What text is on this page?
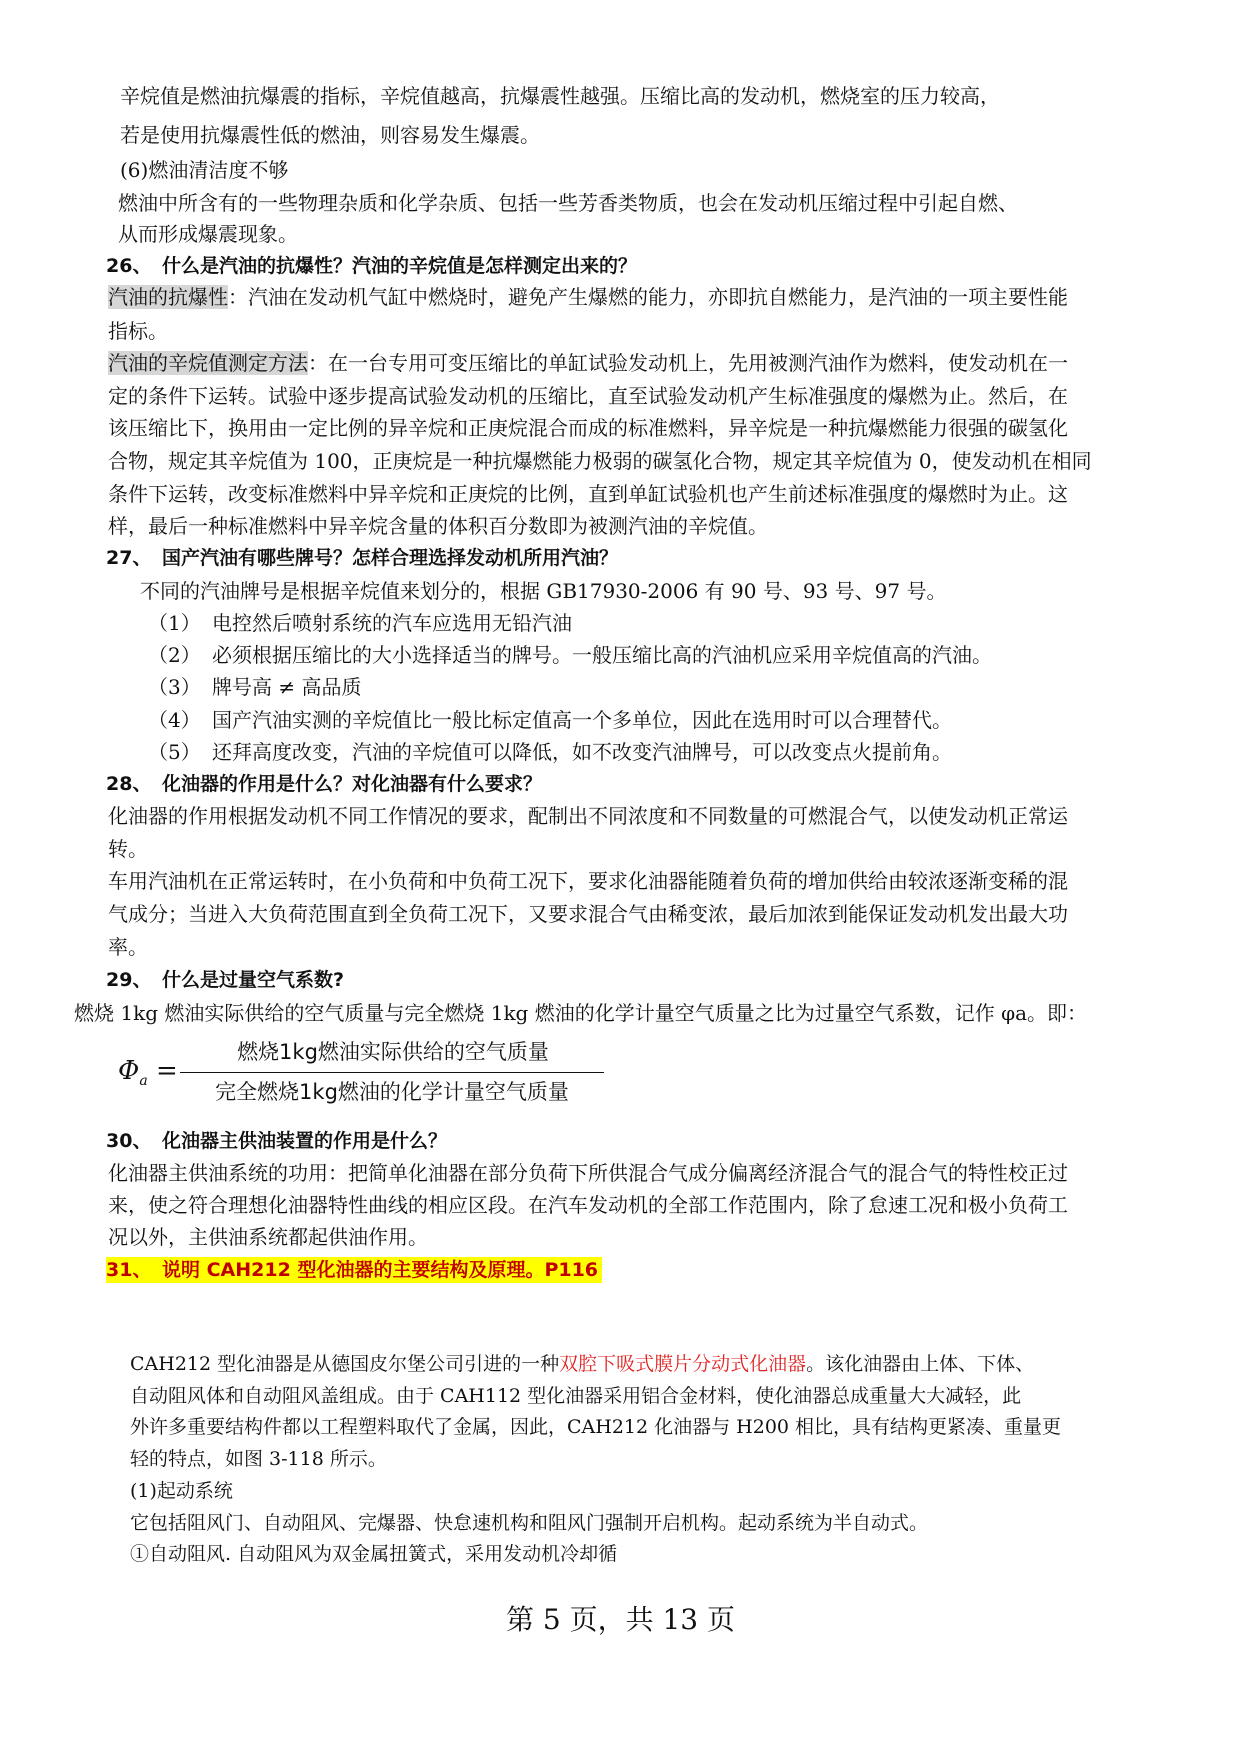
辛烷值是燃油抗爆震的指标，辛烷值越高，抗爆震性越强。压缩比高的发动机，燃烧室的压力较高，
若是使用抗爆震性低的燃油，则容易发生爆震。
(6)燃油清洁度不够
燃油中所含有的一些物理杂质和化学杂质、包括一些芳香类物质，也会在发动机压缩过程中引起自燃、
从而形成爆震现象。
26、 什么是汽油的抗爆性？汽油的辛烷值是怎样测定出来的？
汽油的抗爆性：汽油在发动机气缸中燃烧时，避免产生爆燃的能力，亦即抗自燃能力，是汽油的一项主要性能
指标。
汽油的辛烷值测定方法：在一台专用可变压缩比的单缸试验发动机上，先用被测汽油作为燃料，使发动机在一
定的条件下运转。试验中逐步提高试验发动机的压缩比，直至试验发动机产生标准强度的爆燃为止。然后，在
该压缩比下，换用由一定比例的异辛烷和正庚烷混合而成的标准燃料，异辛烷是一种抗爆燃能力很强的碳氢化
合物，规定其辛烷值为 100，正庚烷是一种抗爆燃能力极弱的碳氢化合物，规定其辛烷值为 0，使发动机在相同
条件下运转，改变标准燃料中异辛烷和正庚烷的比例，直到单缸试验机也产生前述标准强度的爆燃时为止。这
样，最后一种标准燃料中异辛烷含量的体积百分数即为被测汽油的辛烷值。
27、 国产汽油有哪些牌号？怎样合理选择发动机所用汽油？
不同的汽油牌号是根据辛烷值来划分的，根据 GB17930-2006 有 90 号、93 号、97 号。
（1） 电控然后喷射系统的汽车应选用无铅汽油
（2） 必须根据压缩比的大小选择适当的牌号。一般压缩比高的汽油机应采用辛烷值高的汽油。
（3） 牌号高 ≠ 高品质
（4） 国产汽油实测的辛烷值比一般比标定值高一个多单位，因此在选用时可以合理替代。
（5） 还拜高度改变，汽油的辛烷值可以降低，如不改变汽油牌号，可以改变点火提前角。
28、 化油器的作用是什么？对化油器有什么要求？
化油器的作用根据发动机不同工作情况的要求，配制出不同浓度和不同数量的可燃混合气，以使发动机正常运
转。
车用汽油机在正常运转时，在小负荷和中负荷工况下，要求化油器能随着负荷的增加供给由较浓逐渐变稀的混
气成分；当进入大负荷范围直到全负荷工况下，又要求混合气由稀变浓，最后加浓到能保证发动机发出最大功
率。
29、 什么是过量空气系数?
燃烧 1kg 燃油实际供给的空气质量与完全燃烧 1kg 燃油的化学计量空气质量之比为过量空气系数，记作 φa。即：
$\Phi_a$ =
燃烧1kg燃油实际供给的空气质量
完全燃烧1kg燃油的化学计量空气质量
30、 化油器主供油装置的作用是什么？
化油器主供油系统的功用：把简单化油器在部分负荷下所供混合气成分偏离经济混合气的混合气的特性校正过
来，使之符合理想化油器特性曲线的相应区段。在汽车发动机的全部工作范围内，除了怠速工况和极小负荷工
况以外，主供油系统都起供油作用。
31、 说明 CAH212 型化油器的主要结构及原理。P116
CAH212 型化油器是从德国皮尔堡公司引进的一种双腔下吸式膜片分动式化油器。该化油器由上体、下体、
自动阻风体和自动阻风盖组成。由于 CAH112 型化油器采用铝合金材料，使化油器总成重量大大减轻，此
外许多重要结构件都以工程塑料取代了金属，因此，CAH212 化油器与 H200 相比，具有结构更紧凑、重量更
轻的特点，如图 3-118 所示。
(1)起动系统
它包括阻风门、自动阻风、完爆器、快怠速机构和阻风门强制开启机构。起动系统为半自动式。
①自动阻风. 自动阻风为双金属扭簧式，采用发动机冷却循
第 5 页，共 13 页
